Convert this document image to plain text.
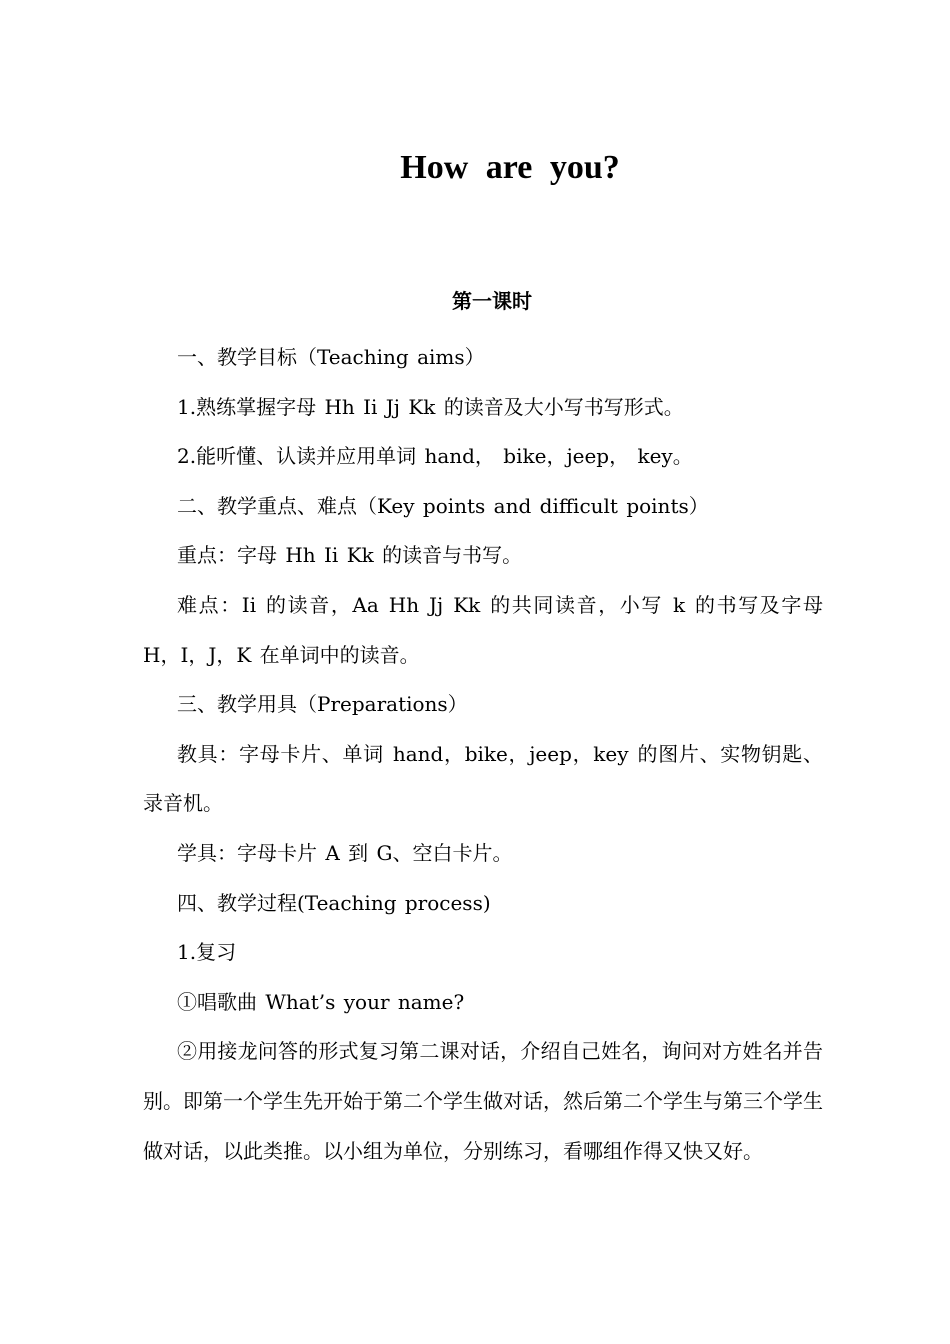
How are you?
第一课时

一、教学目标（Teaching aims）

1.熟练掌握字母 Hh Ii Jj Kk 的读音及大小写书写形式。

2.能听懂、认读并应用单词 hand， bike，jeep， key。

二、教学重点、难点（Key points and difficult points）

重点：字母 Hh Ii Kk 的读音与书写。

难点：Ii 的读音，Aa Hh Jj Kk 的共同读音，小写 k 的书写及字母 H，I，J，K 在单词中的读音。

三、教学用具（Preparations）

教具：字母卡片、单词 hand，bike，jeep，key 的图片、实物钥匙、录音机。

学具：字母卡片 A 到 G、空白卡片。

四、教学过程(Teaching process)

1.复习

①唱歌曲 What’s your name?

②用接龙问答的形式复习第二课对话，介绍自己姓名，询问对方姓名并告别。即第一个学生先开始于第二个学生做对话，然后第二个学生与第三个学生做对话，以此类推。以小组为单位，分别练习，看哪组作得又快又好。
